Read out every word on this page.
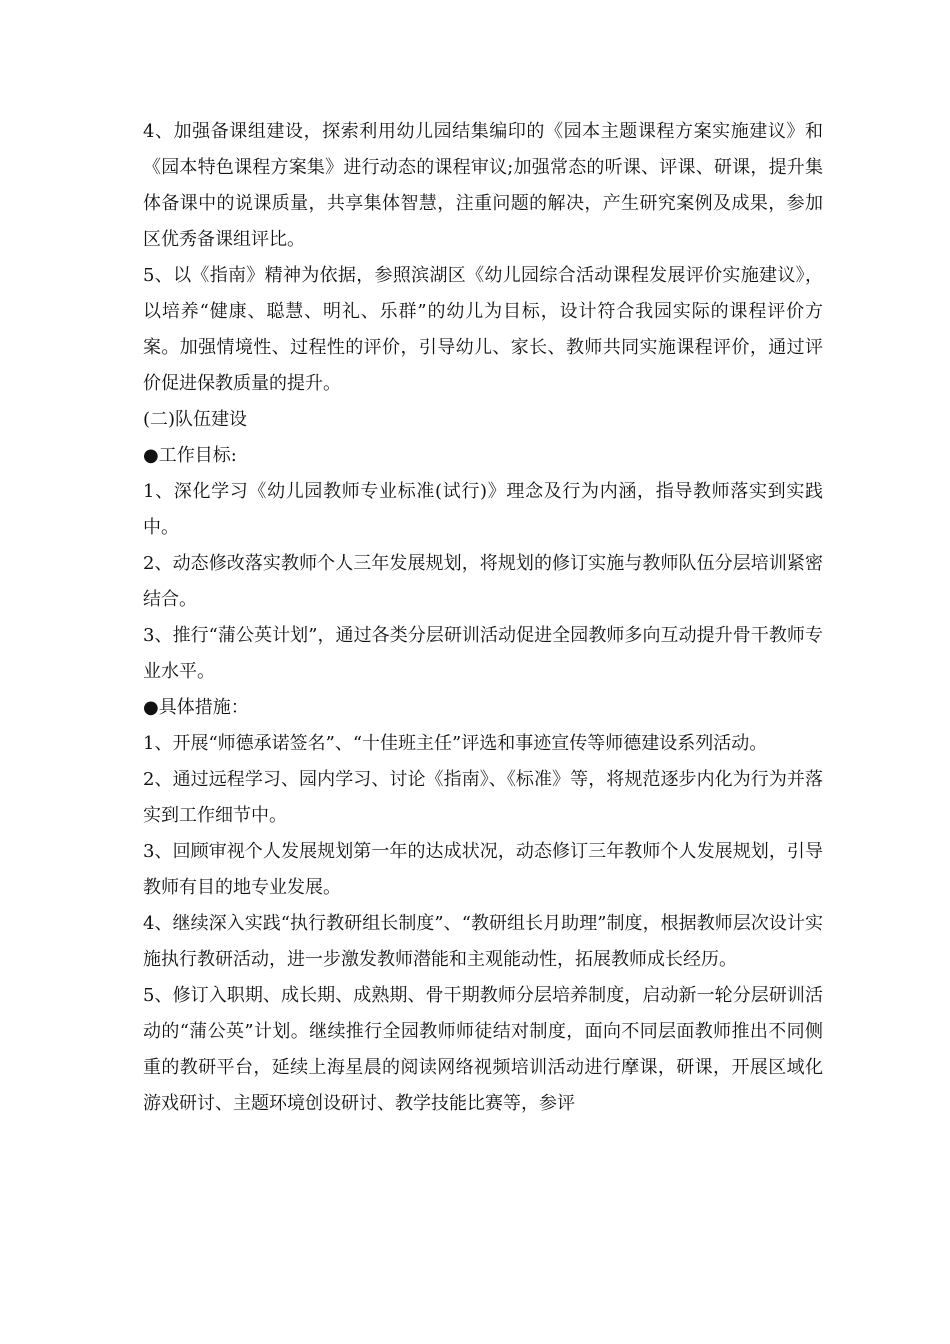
4、加强备课组建设，探索利用幼儿园结集编印的《园本主题课程方案实施建议》和《园本特色课程方案集》进行动态的课程审议;加强常态的听课、评课、研课，提升集体备课中的说课质量，共享集体智慧，注重问题的解决，产生研究案例及成果，参加区优秀备课组评比。

5、以《指南》精神为依据，参照滨湖区《幼儿园综合活动课程发展评价实施建议》，以培养“健康、聪慧、明礼、乐群”的幼儿为目标，设计符合我园实际的课程评价方案。加强情境性、过程性的评价，引导幼儿、家长、教师共同实施课程评价，通过评价促进保教质量的提升。

(二)队伍建设

●工作目标:

1、深化学习《幼儿园教师专业标准(试行)》理念及行为内涵，指导教师落实到实践中。

2、动态修改落实教师个人三年发展规划，将规划的修订实施与教师队伍分层培训紧密结合。

3、推行“蒲公英计划”，通过各类分层研训活动促进全园教师多向互动提升骨干教师专业水平。

●具体措施：

1、开展“师德承诺签名”、“十佳班主任”评选和事迹宣传等师德建设系列活动。

2、通过远程学习、园内学习、讨论《指南》、《标准》等，将规范逐步内化为行为并落实到工作细节中。

3、回顾审视个人发展规划第一年的达成状况，动态修订三年教师个人发展规划，引导教师有目的地专业发展。

4、继续深入实践“执行教研组长制度”、“教研组长月助理”制度，根据教师层次设计实施执行教研活动，进一步激发教师潜能和主观能动性，拓展教师成长经历。

5、修订入职期、成长期、成熟期、骨干期教师分层培养制度，启动新一轮分层研训活动的“蒲公英”计划。继续推行全园教师师徒结对制度，面向不同层面教师推出不同侧重的教研平台，延续上海星晨的阅读网络视频培训活动进行摩课，研课，开展区域化游戏研讨、主题环境创设研讨、教学技能比赛等，参评
